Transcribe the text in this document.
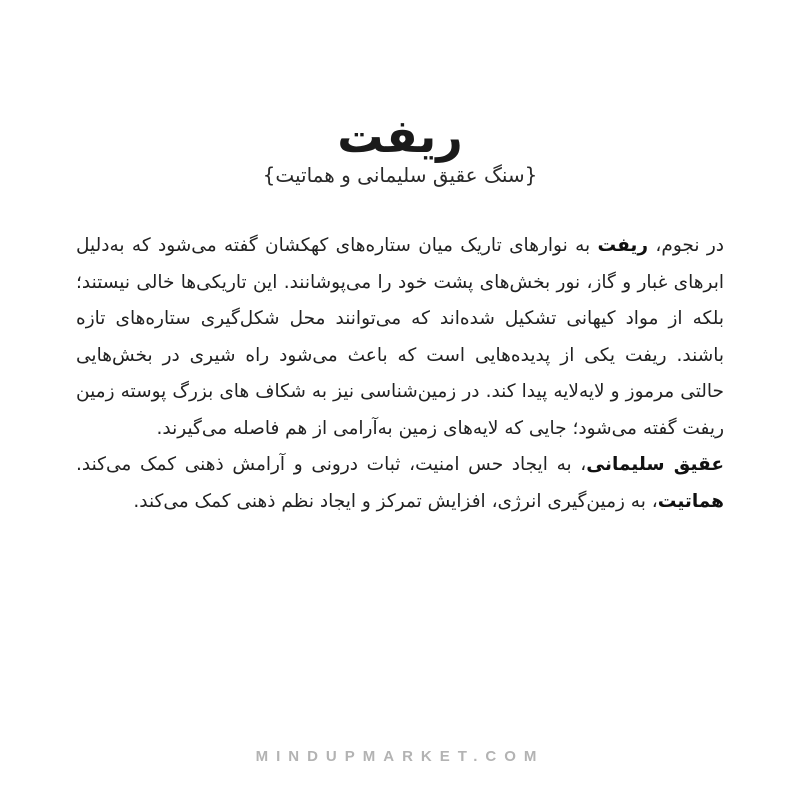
ریفت
{سنگ عقیق سلیمانی و هماتیت}

در نجوم، ریفت به نوارهای تاریک میان ستاره‌های کهکشان گفته می‌شود که به‌دلیل ابرهای غبار و گاز، نور بخش‌های پشت خود را می‌پوشانند. این تاریکی‌ها خالی نیستند؛ بلکه از مواد کیهانی تشکیل شده‌اند که می‌توانند محل شکل‌گیری ستاره‌های تازه باشند. ریفت یکی از پدیده‌هایی است که باعث می‌شود راه شیری در بخش‌هایی حالتی مرموز و لایه‌لایه پیدا کند. در زمین‌شناسی نیز به شکاف های بزرگ پوسته زمین ریفت گفته می‌شود؛ جایی که لایه‌های زمین به‌آرامی از هم فاصله می‌گیرند.

عقیق سلیمانی، به ایجاد حس امنیت، ثبات درونی و آرامش ذهنی کمک می‌کند. هماتیت، به زمین‌گیری انرژی، افزایش تمرکز و ایجاد نظم ذهنی کمک می‌کند.

MINDUPMARKET.COM
